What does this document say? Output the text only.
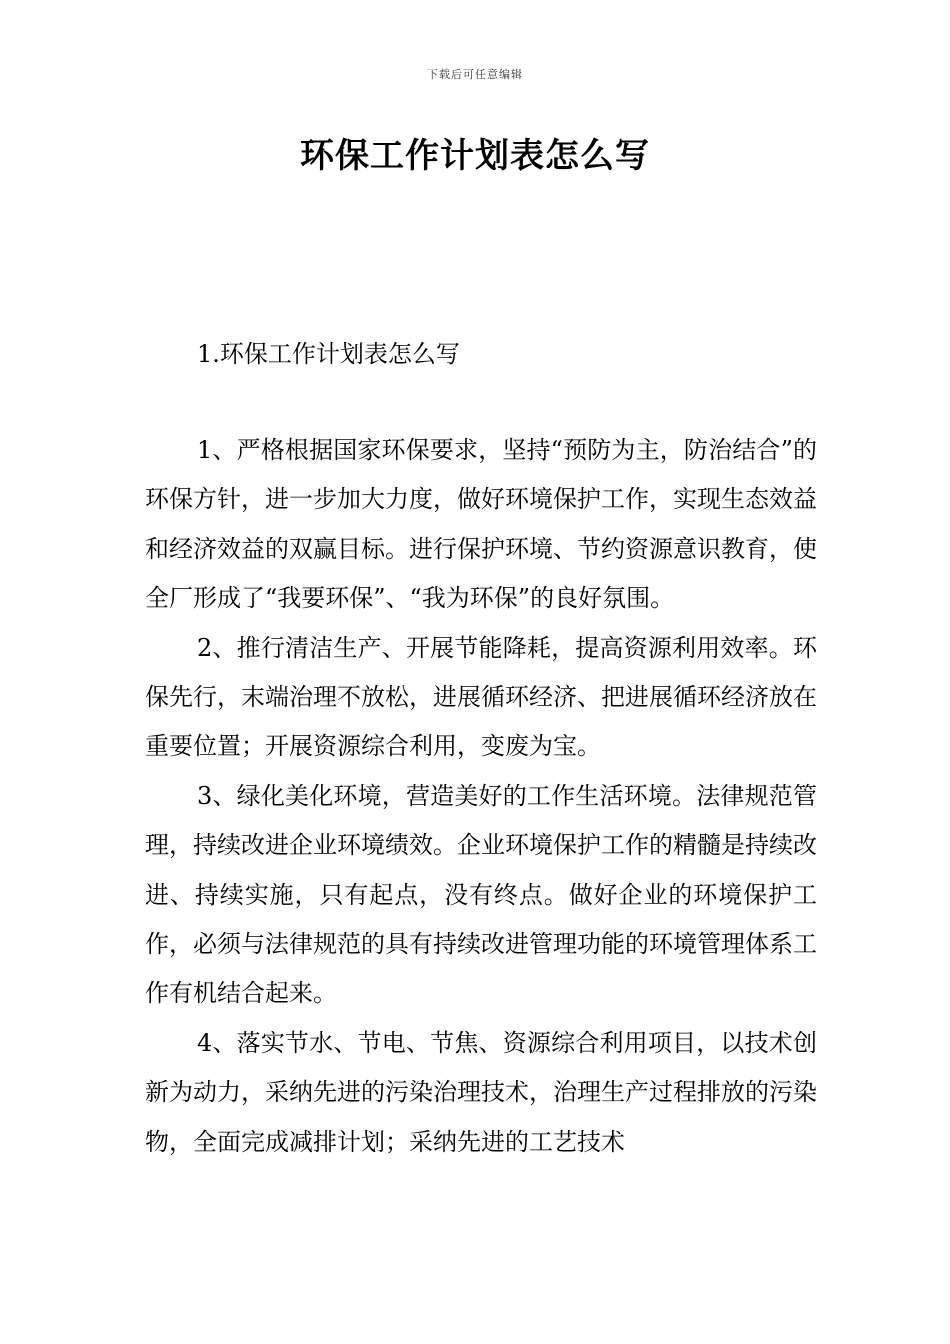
下载后可任意编辑
环保工作计划表怎么写

1.环保工作计划表怎么写

1、严格根据国家环保要求，坚持“预防为主，防治结合”的环保方针，进一步加大力度，做好环境保护工作，实现生态效益和经济效益的双赢目标。进行保护环境、节约资源意识教育，使全厂形成了“我要环保”、“我为环保”的良好氛围。

2、推行清洁生产、开展节能降耗，提高资源利用效率。环保先行，末端治理不放松，进展循环经济、把进展循环经济放在重要位置；开展资源综合利用，变废为宝。

3、绿化美化环境，营造美好的工作生活环境。法律规范管理，持续改进企业环境绩效。企业环境保护工作的精髓是持续改进、持续实施，只有起点，没有终点。做好企业的环境保护工作，必须与法律规范的具有持续改进管理功能的环境管理体系工作有机结合起来。

4、落实节水、节电、节焦、资源综合利用项目，以技术创新为动力，采纳先进的污染治理技术，治理生产过程排放的污染物，全面完成减排计划；采纳先进的工艺技术
